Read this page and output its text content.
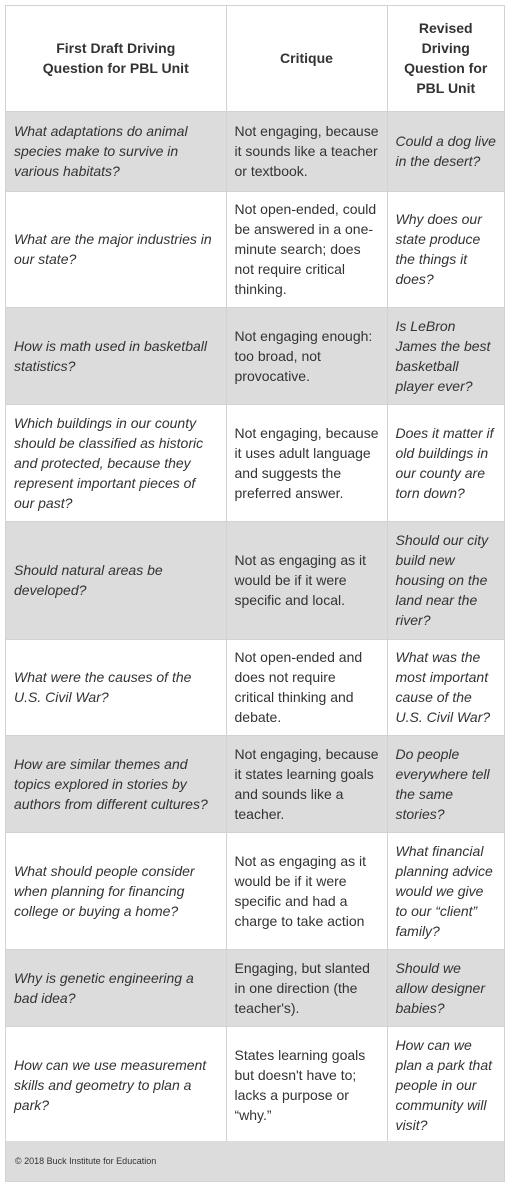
First Draft Driving Question for PBL Unit	Critique	Revised Driving Question for PBL Unit
What adaptations do animal species make to survive in various habitats?	Not engaging, because it sounds like a teacher or textbook.	Could a dog live in the desert?
What are the major industries in our state?	Not open-ended, could be answered in a one-minute search; does not require critical thinking.	Why does our state produce the things it does?
How is math used in basketball statistics?	Not engaging enough: too broad, not provocative.	Is LeBron James the best basketball player ever?
Which buildings in our county should be classified as historic and protected, because they represent important pieces of our past?	Not engaging, because it uses adult language and suggests the preferred answer.	Does it matter if old buildings in our county are torn down?
Should natural areas be developed?	Not as engaging as it would be if it were specific and local.	Should our city build new housing on the land near the river?
What were the causes of the U.S. Civil War?	Not open-ended and does not require critical thinking and debate.	What was the most important cause of the U.S. Civil War?
How are similar themes and topics explored in stories by authors from different cultures?	Not engaging, because it states learning goals and sounds like a teacher.	Do people everywhere tell the same stories?
What should people consider when planning for financing college or buying a home?	Not as engaging as it would be if it were specific and had a charge to take action	What financial planning advice would we give to our “client” family?
Why is genetic engineering a bad idea?	Engaging, but slanted in one direction (the teacher's).	Should we allow designer babies?
How can we use measurement skills and geometry to plan a park?	States learning goals but doesn't have to; lacks a purpose or “why.”	How can we plan a park that people in our community will visit?
© 2018 Buck Institute for Education
